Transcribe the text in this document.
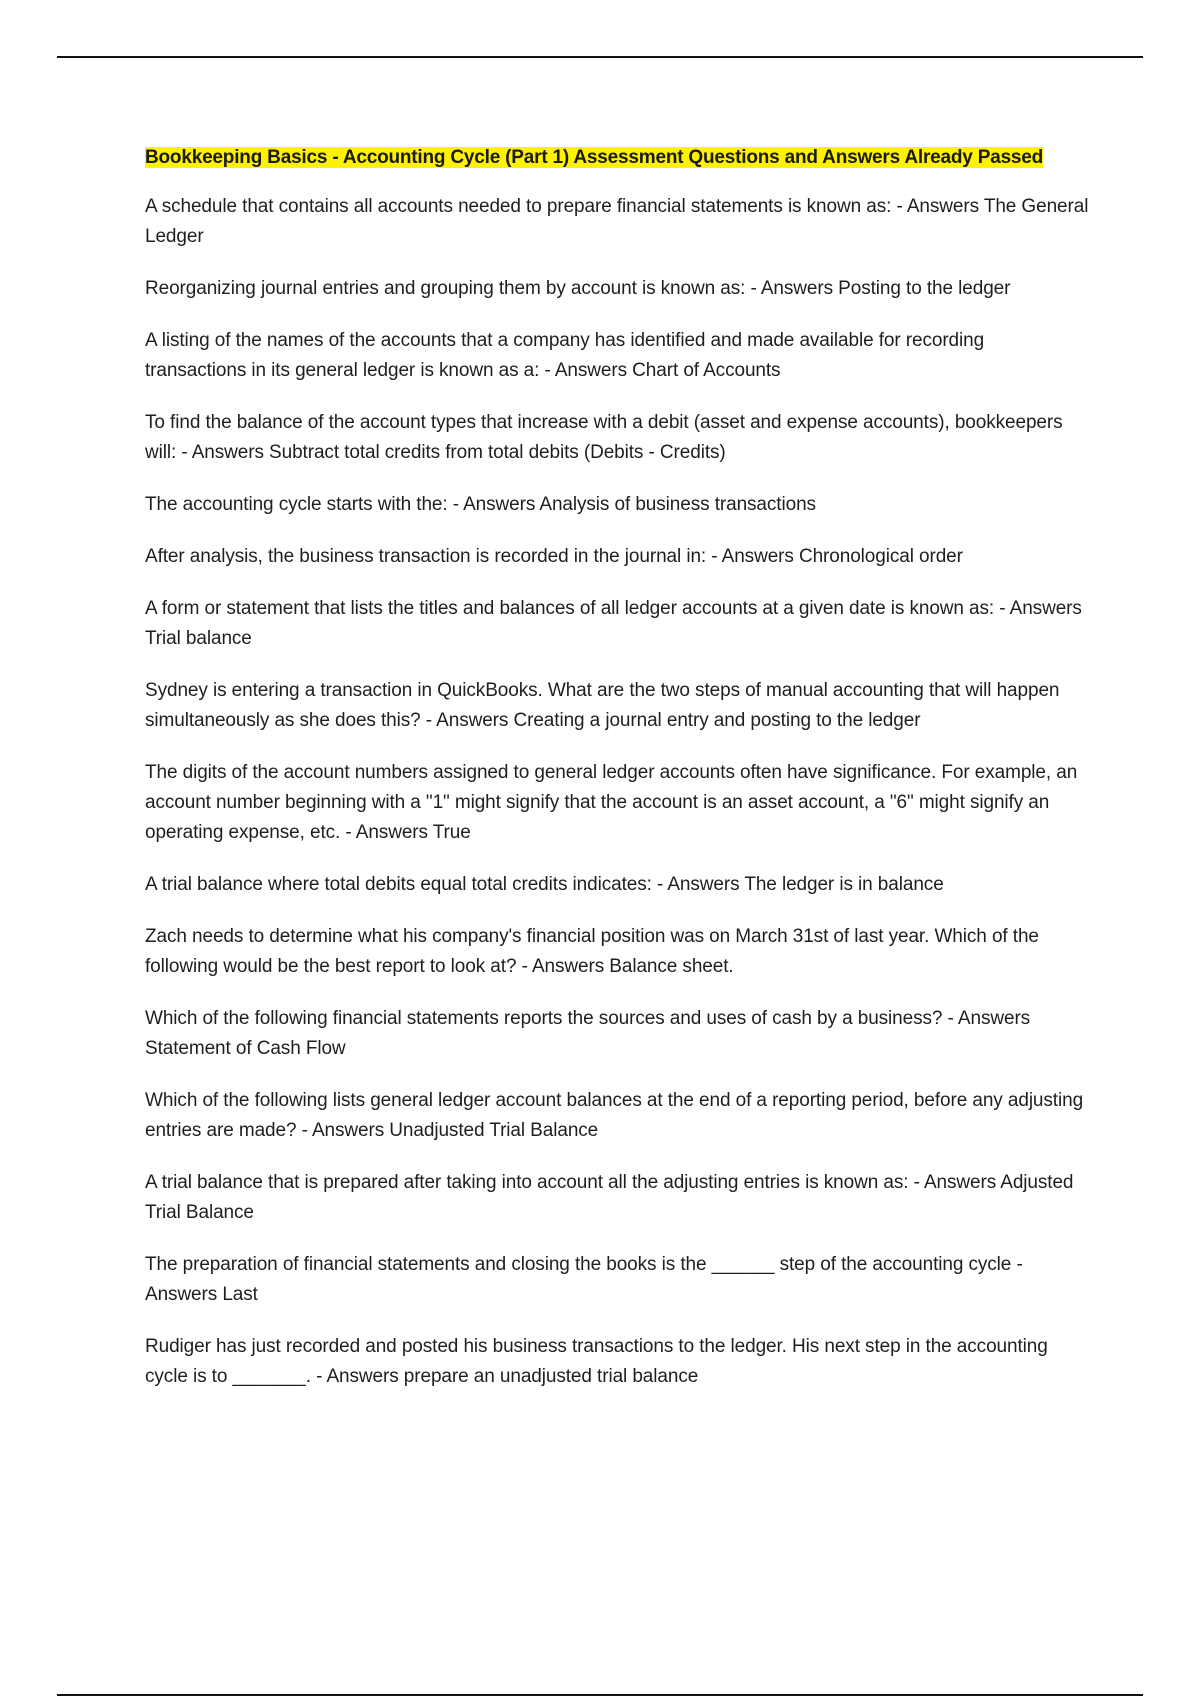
Bookkeeping Basics - Accounting Cycle (Part 1) Assessment Questions and Answers Already Passed

A schedule that contains all accounts needed to prepare financial statements is known as: - Answers The General Ledger

Reorganizing journal entries and grouping them by account is known as: - Answers Posting to the ledger

A listing of the names of the accounts that a company has identified and made available for recording transactions in its general ledger is known as a: - Answers Chart of Accounts

To find the balance of the account types that increase with a debit (asset and expense accounts), bookkeepers will: - Answers Subtract total credits from total debits (Debits - Credits)

The accounting cycle starts with the: - Answers Analysis of business transactions

After analysis, the business transaction is recorded in the journal in: - Answers Chronological order

A form or statement that lists the titles and balances of all ledger accounts at a given date is known as: - Answers Trial balance

Sydney is entering a transaction in QuickBooks. What are the two steps of manual accounting that will happen simultaneously as she does this? - Answers Creating a journal entry and posting to the ledger

The digits of the account numbers assigned to general ledger accounts often have significance. For example, an account number beginning with a "1" might signify that the account is an asset account, a "6" might signify an operating expense, etc. - Answers True

A trial balance where total debits equal total credits indicates: - Answers The ledger is in balance

Zach needs to determine what his company's financial position was on March 31st of last year. Which of the following would be the best report to look at? - Answers Balance sheet.

Which of the following financial statements reports the sources and uses of cash by a business? - Answers Statement of Cash Flow

Which of the following lists general ledger account balances at the end of a reporting period, before any adjusting entries are made? - Answers Unadjusted Trial Balance

A trial balance that is prepared after taking into account all the adjusting entries is known as: - Answers Adjusted Trial Balance

The preparation of financial statements and closing the books is the ______ step of the accounting cycle - Answers Last

Rudiger has just recorded and posted his business transactions to the ledger. His next step in the accounting cycle is to _______. - Answers prepare an unadjusted trial balance
